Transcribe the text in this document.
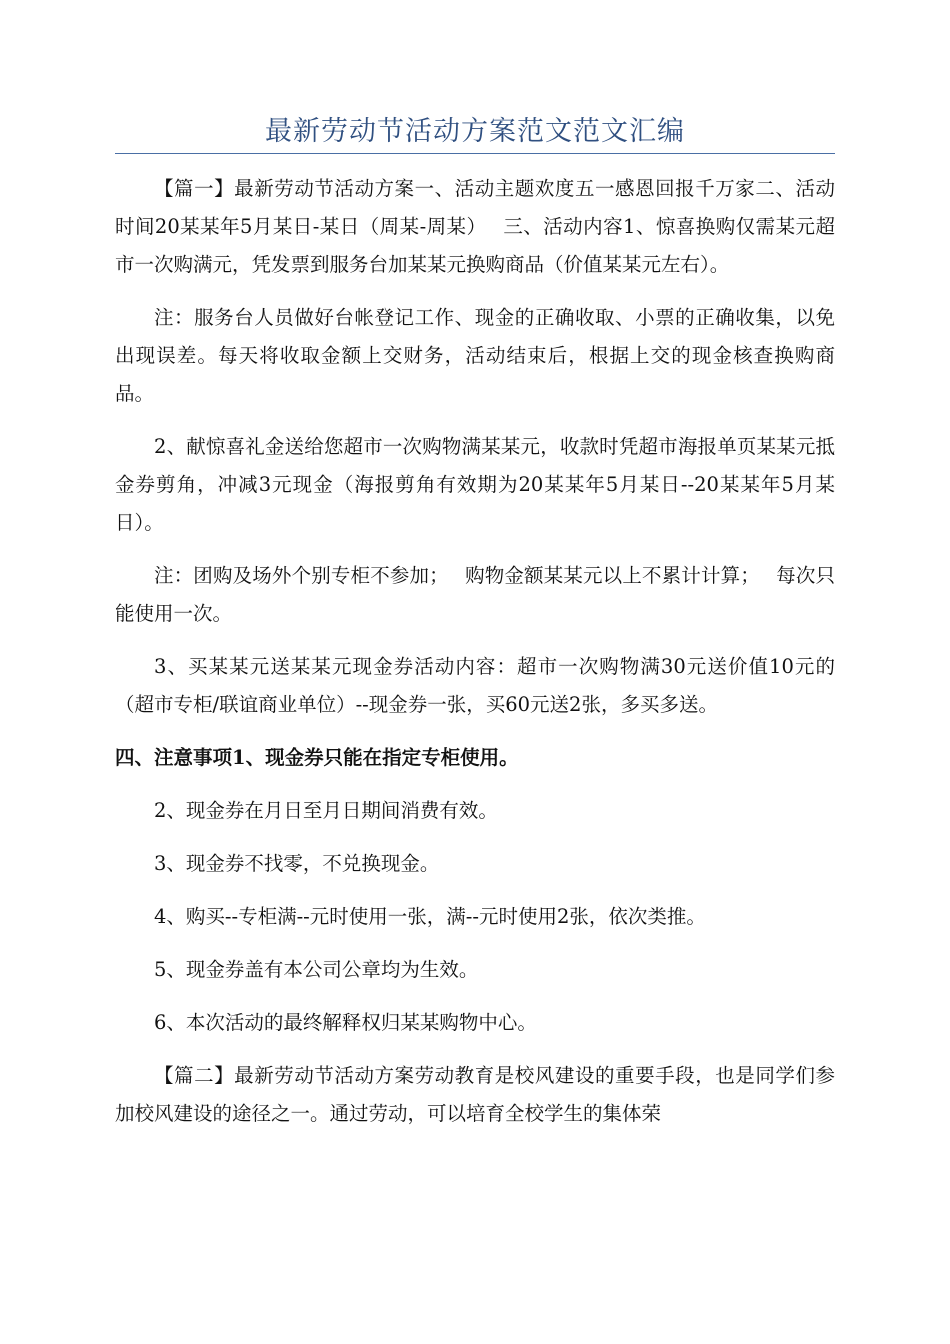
最新劳动节活动方案范文范文汇编

【篇一】最新劳动节活动方案一、活动主题欢度五一感恩回报千万家二、活动时间20某某年5月某日-某日（周某-周某）　 三、活动内容1、惊喜换购仅需某元超市一次购满元，凭发票到服务台加某某元换购商品（价值某某元左右）。

注：服务台人员做好台帐登记工作、现金的正确收取、小票的正确收集，以免出现误差。每天将收取金额上交财务，活动结束后，根据上交的现金核查换购商品。

2、献惊喜礼金送给您超市一次购物满某某元，收款时凭超市海报单页某某元抵金券剪角，冲减3元现金（海报剪角有效期为20某某年5月某日--20某某年5月某日）。

注：团购及场外个别专柜不参加；　 购物金额某某元以上不累计计算；　 每次只能使用一次。

3、买某某元送某某元现金券活动内容：超市一次购物满30元送价值10元的（超市专柜/联谊商业单位）--现金券一张，买60元送2张，多买多送。

四、注意事项1、现金券只能在指定专柜使用。

2、现金券在月日至月日期间消费有效。

3、现金券不找零，不兑换现金。

4、购买--专柜满--元时使用一张，满--元时使用2张，依次类推。

5、现金券盖有本公司公章均为生效。

6、本次活动的最终解释权归某某购物中心。

【篇二】最新劳动节活动方案劳动教育是校风建设的重要手段，也是同学们参加校风建设的途径之一。通过劳动，可以培育全校学生的集体荣
